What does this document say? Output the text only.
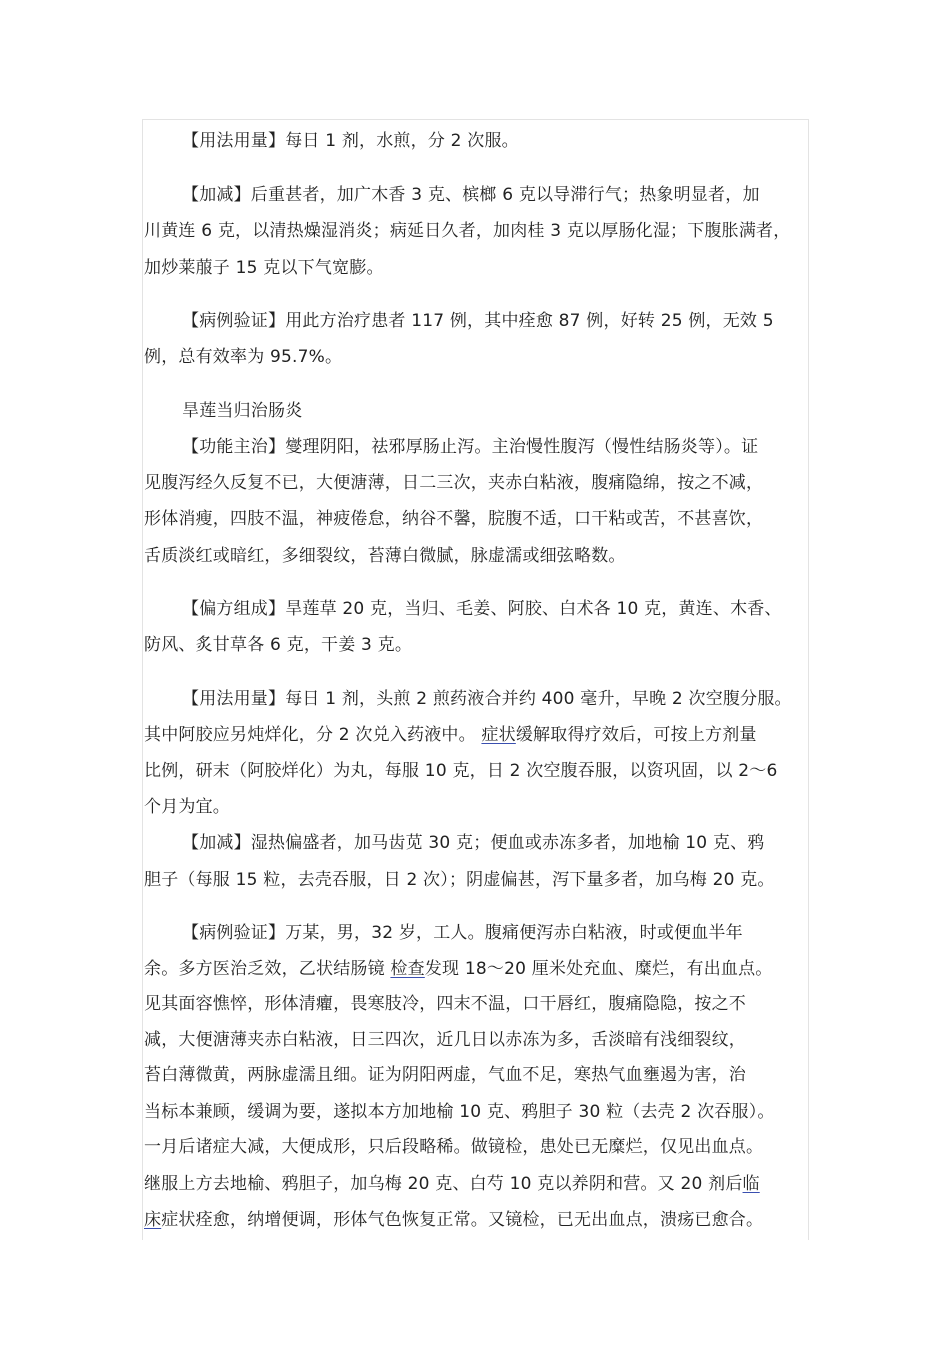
【用法用量】每日 1 剂，水煎，分 2 次服。
【加减】后重甚者，加广木香 3 克、槟榔 6 克以导滞行气；热象明显者，加
川黄连 6 克，以清热燥湿消炎；病延日久者，加肉桂 3 克以厚肠化湿；下腹胀满者，
加炒莱菔子 15 克以下气宽膨。
【病例验证】用此方治疗患者 117 例，其中痊愈 87 例，好转 25 例，无效 5
例，总有效率为 95.7%。
旱莲当归治肠炎
【功能主治】燮理阴阳，祛邪厚肠止泻。主治慢性腹泻（慢性结肠炎等）。证
见腹泻经久反复不已，大便溏薄，日二三次，夹赤白粘液，腹痛隐绵，按之不减，
形体消瘦，四肢不温，神疲倦怠，纳谷不馨，脘腹不适，口干粘或苦，不甚喜饮，
舌质淡红或暗红，多细裂纹，苔薄白微腻，脉虚濡或细弦略数。
【偏方组成】旱莲草 20 克，当归、毛姜、阿胶、白术各 10 克，黄连、木香、
防风、炙甘草各 6 克，干姜 3 克。
【用法用量】每日 1 剂，头煎 2 煎药液合并约 400 毫升，早晚 2 次空腹分服。
其中阿胶应另炖烊化，分 2 次兑入药液中。 症状缓解取得疗效后，可按上方剂量
比例，研末（阿胶烊化）为丸，每服 10 克，日 2 次空腹吞服，以资巩固，以 2～6
个月为宜。
【加减】湿热偏盛者，加马齿苋 30 克；便血或赤冻多者，加地榆 10 克、鸦
胆子（每服 15 粒，去壳吞服，日 2 次）；阴虚偏甚，泻下量多者，加乌梅 20 克。
【病例验证】万某，男，32 岁，工人。腹痛便泻赤白粘液，时或便血半年
余。多方医治乏效，乙状结肠镜 检查发现 18～20 厘米处充血、糜烂，有出血点。
见其面容憔悴，形体清癯，畏寒肢冷，四末不温，口干唇红，腹痛隐隐，按之不
减，大便溏薄夹赤白粘液，日三四次，近几日以赤冻为多，舌淡暗有浅细裂纹，
苔白薄微黄，两脉虚濡且细。证为阴阳两虚，气血不足，寒热气血壅遏为害，治
当标本兼顾，缓调为要，遂拟本方加地榆 10 克、鸦胆子 30 粒（去壳 2 次吞服）。
一月后诸症大减，大便成形，只后段略稀。做镜检，患处已无糜烂，仅见出血点。
继服上方去地榆、鸦胆子，加乌梅 20 克、白芍 10 克以养阴和营。又 20 剂后临
床症状痊愈，纳增便调，形体气色恢复正常。又镜检，已无出血点，溃疡已愈合。
